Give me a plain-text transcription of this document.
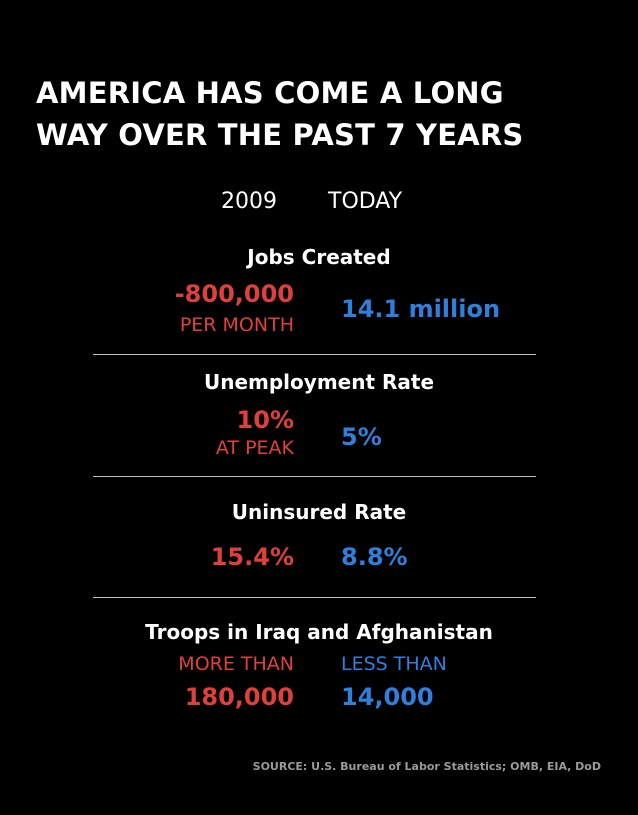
AMERICA HAS COME A LONG
WAY OVER THE PAST 7 YEARS
2009 TODAY
Jobs Created
-800,000
PER MONTH
14.1 million
Unemployment Rate
10%
AT PEAK 5%
Uninsured Rate
15.4% 8.8%
Troops in Iraq and Afghanistan
MORE THAN
180,000
LESS THAN
14,000
SOURCE: U.S. Bureau of Labor Statistics; OMB, EIA, DoD
